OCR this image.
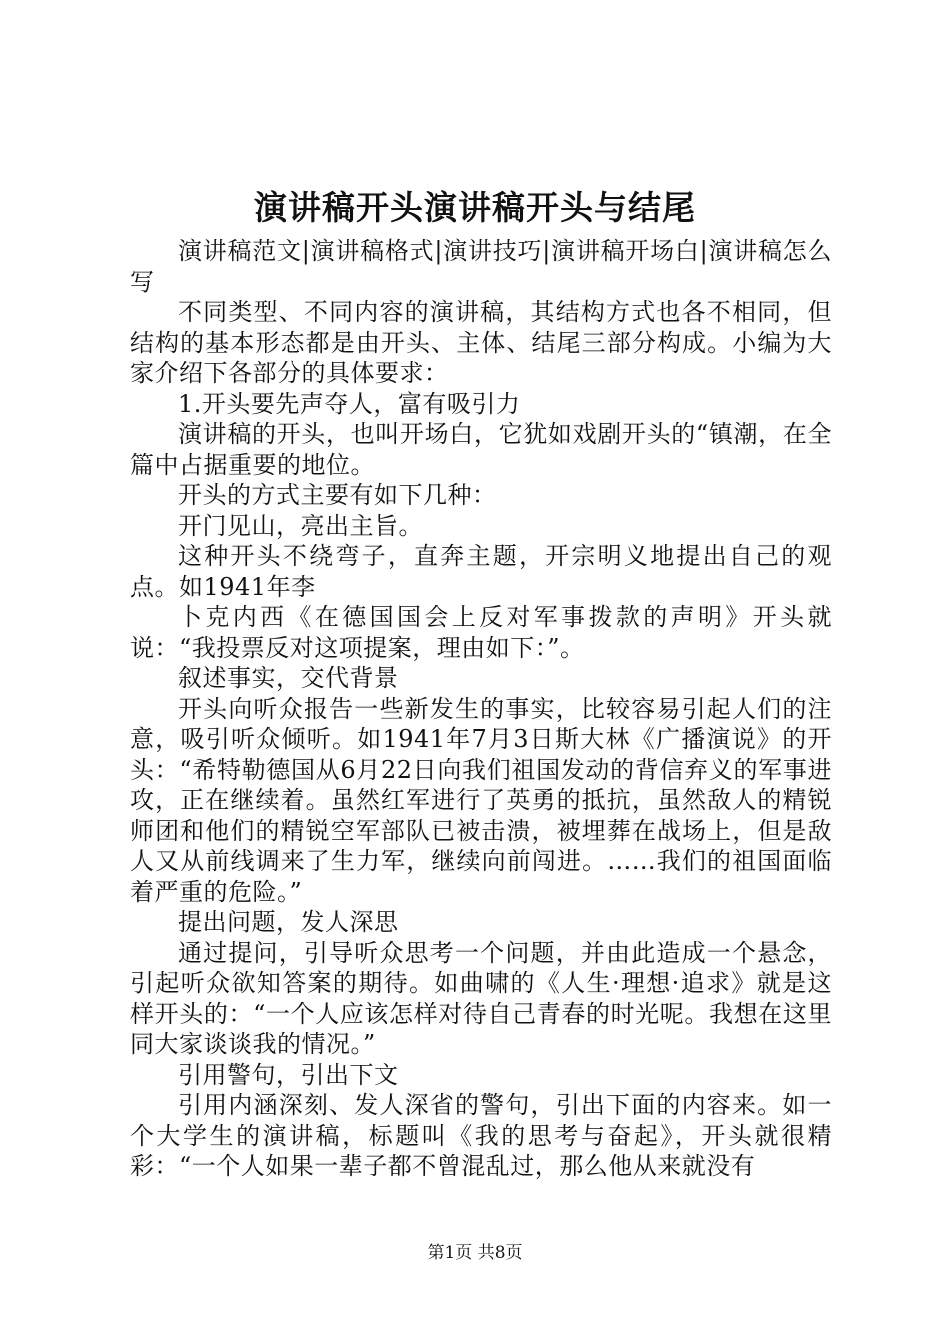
演讲稿开头演讲稿开头与结尾

演讲稿范文|演讲稿格式|演讲技巧|演讲稿开场白|演讲稿怎么写

不同类型、不同内容的演讲稿，其结构方式也各不相同，但结构的基本形态都是由开头、主体、结尾三部分构成。小编为大家介绍下各部分的具体要求：

1.开头要先声夺人，富有吸引力

演讲稿的开头，也叫开场白，它犹如戏剧开头的“镇潮，在全篇中占据重要的地位。

开头的方式主要有如下几种：

开门见山，亮出主旨。

这种开头不绕弯子，直奔主题，开宗明义地提出自己的观点。如1941年李

卜克内西《在德国国会上反对军事拨款的声明》开头就说：“我投票反对这项提案，理由如下：”。

叙述事实，交代背景

开头向听众报告一些新发生的事实，比较容易引起人们的注意，吸引听众倾听。如1941年7月3日斯大林《广播演说》的开头：“希特勒德国从6月22日向我们祖国发动的背信弃义的军事进攻，正在继续着。虽然红军进行了英勇的抵抗，虽然敌人的精锐师团和他们的精锐空军部队已被击溃，被埋葬在战场上，但是敌人又从前线调来了生力军，继续向前闯进。……我们的祖国面临着严重的危险。”

提出问题，发人深思

通过提问，引导听众思考一个问题，并由此造成一个悬念，引起听众欲知答案的期待。如曲啸的《人生·理想·追求》就是这样开头的：“一个人应该怎样对待自己青春的时光呢。我想在这里同大家谈谈我的情况。”

引用警句，引出下文

引用内涵深刻、发人深省的警句，引出下面的内容来。如一个大学生的演讲稿，标题叫《我的思考与奋起》，开头就很精彩：“一个人如果一辈子都不曾混乱过，那么他从来就没有

第1页 共8页
